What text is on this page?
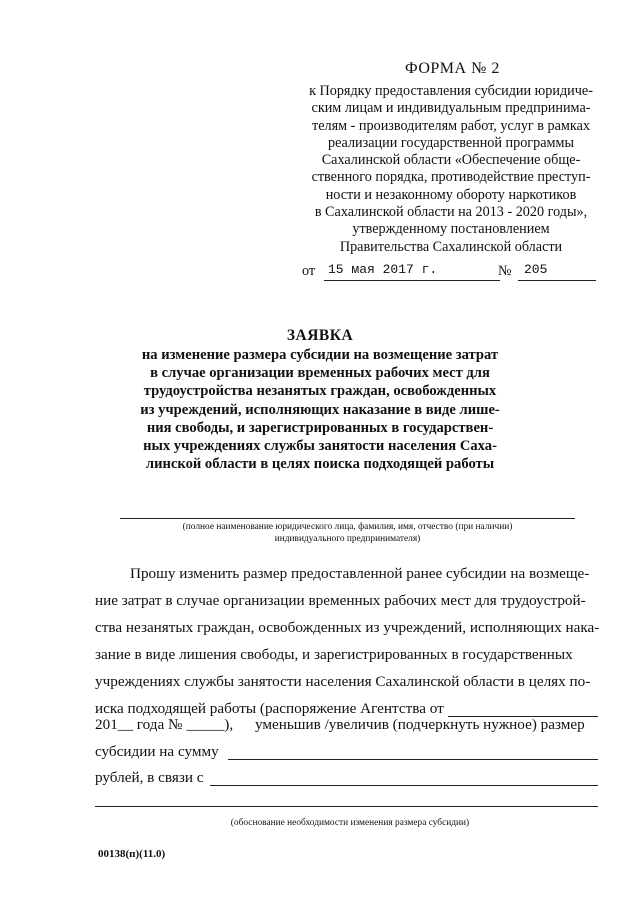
ФОРМА № 2
к Порядку предоставления субсидии юридиче-
ским лицам и индивидуальным предпринима-
телям - производителям работ, услуг в рамках
реализации государственной программы
Сахалинской области «Обеспечение обще-
ственного порядка, противодействие преступ-
ности и незаконному обороту наркотиков
в Сахалинской области на 2013 - 2020 годы»,
утвержденному постановлением
Правительства Сахалинской области
от 15 мая 2017 г.	№ 205
ЗАЯВКА
на изменение размера субсидии на возмещение затрат
в случае организации временных рабочих мест для
трудоустройства незанятых граждан, освобожденных
из учреждений, исполняющих наказание в виде лише-
ния свободы, и зарегистрированных в государствен-
ных учреждениях службы занятости населения Саха-
линской области в целях поиска подходящей работы
(полное наименование юридического лица, фамилия, имя, отчество (при наличии)
индивидуального предпринимателя)
Прошу изменить размер предоставленной ранее субсидии на возмеще-
ние затрат в случае организации временных рабочих мест для трудоустрой-
ства незанятых граждан, освобожденных из учреждений, исполняющих нака-
зание в виде лишения свободы, и зарегистрированных в государственных
учреждениях службы занятости населения Сахалинской области в целях по-
иска подходящей работы (распоряжение Агентства от
201__ года № _____),	уменьшив /увеличив (подчеркнуть нужное) размер
субсидии на сумму
рублей, в связи с
(обоснование необходимости изменения размера субсидии)
00138(п)(11.0)
